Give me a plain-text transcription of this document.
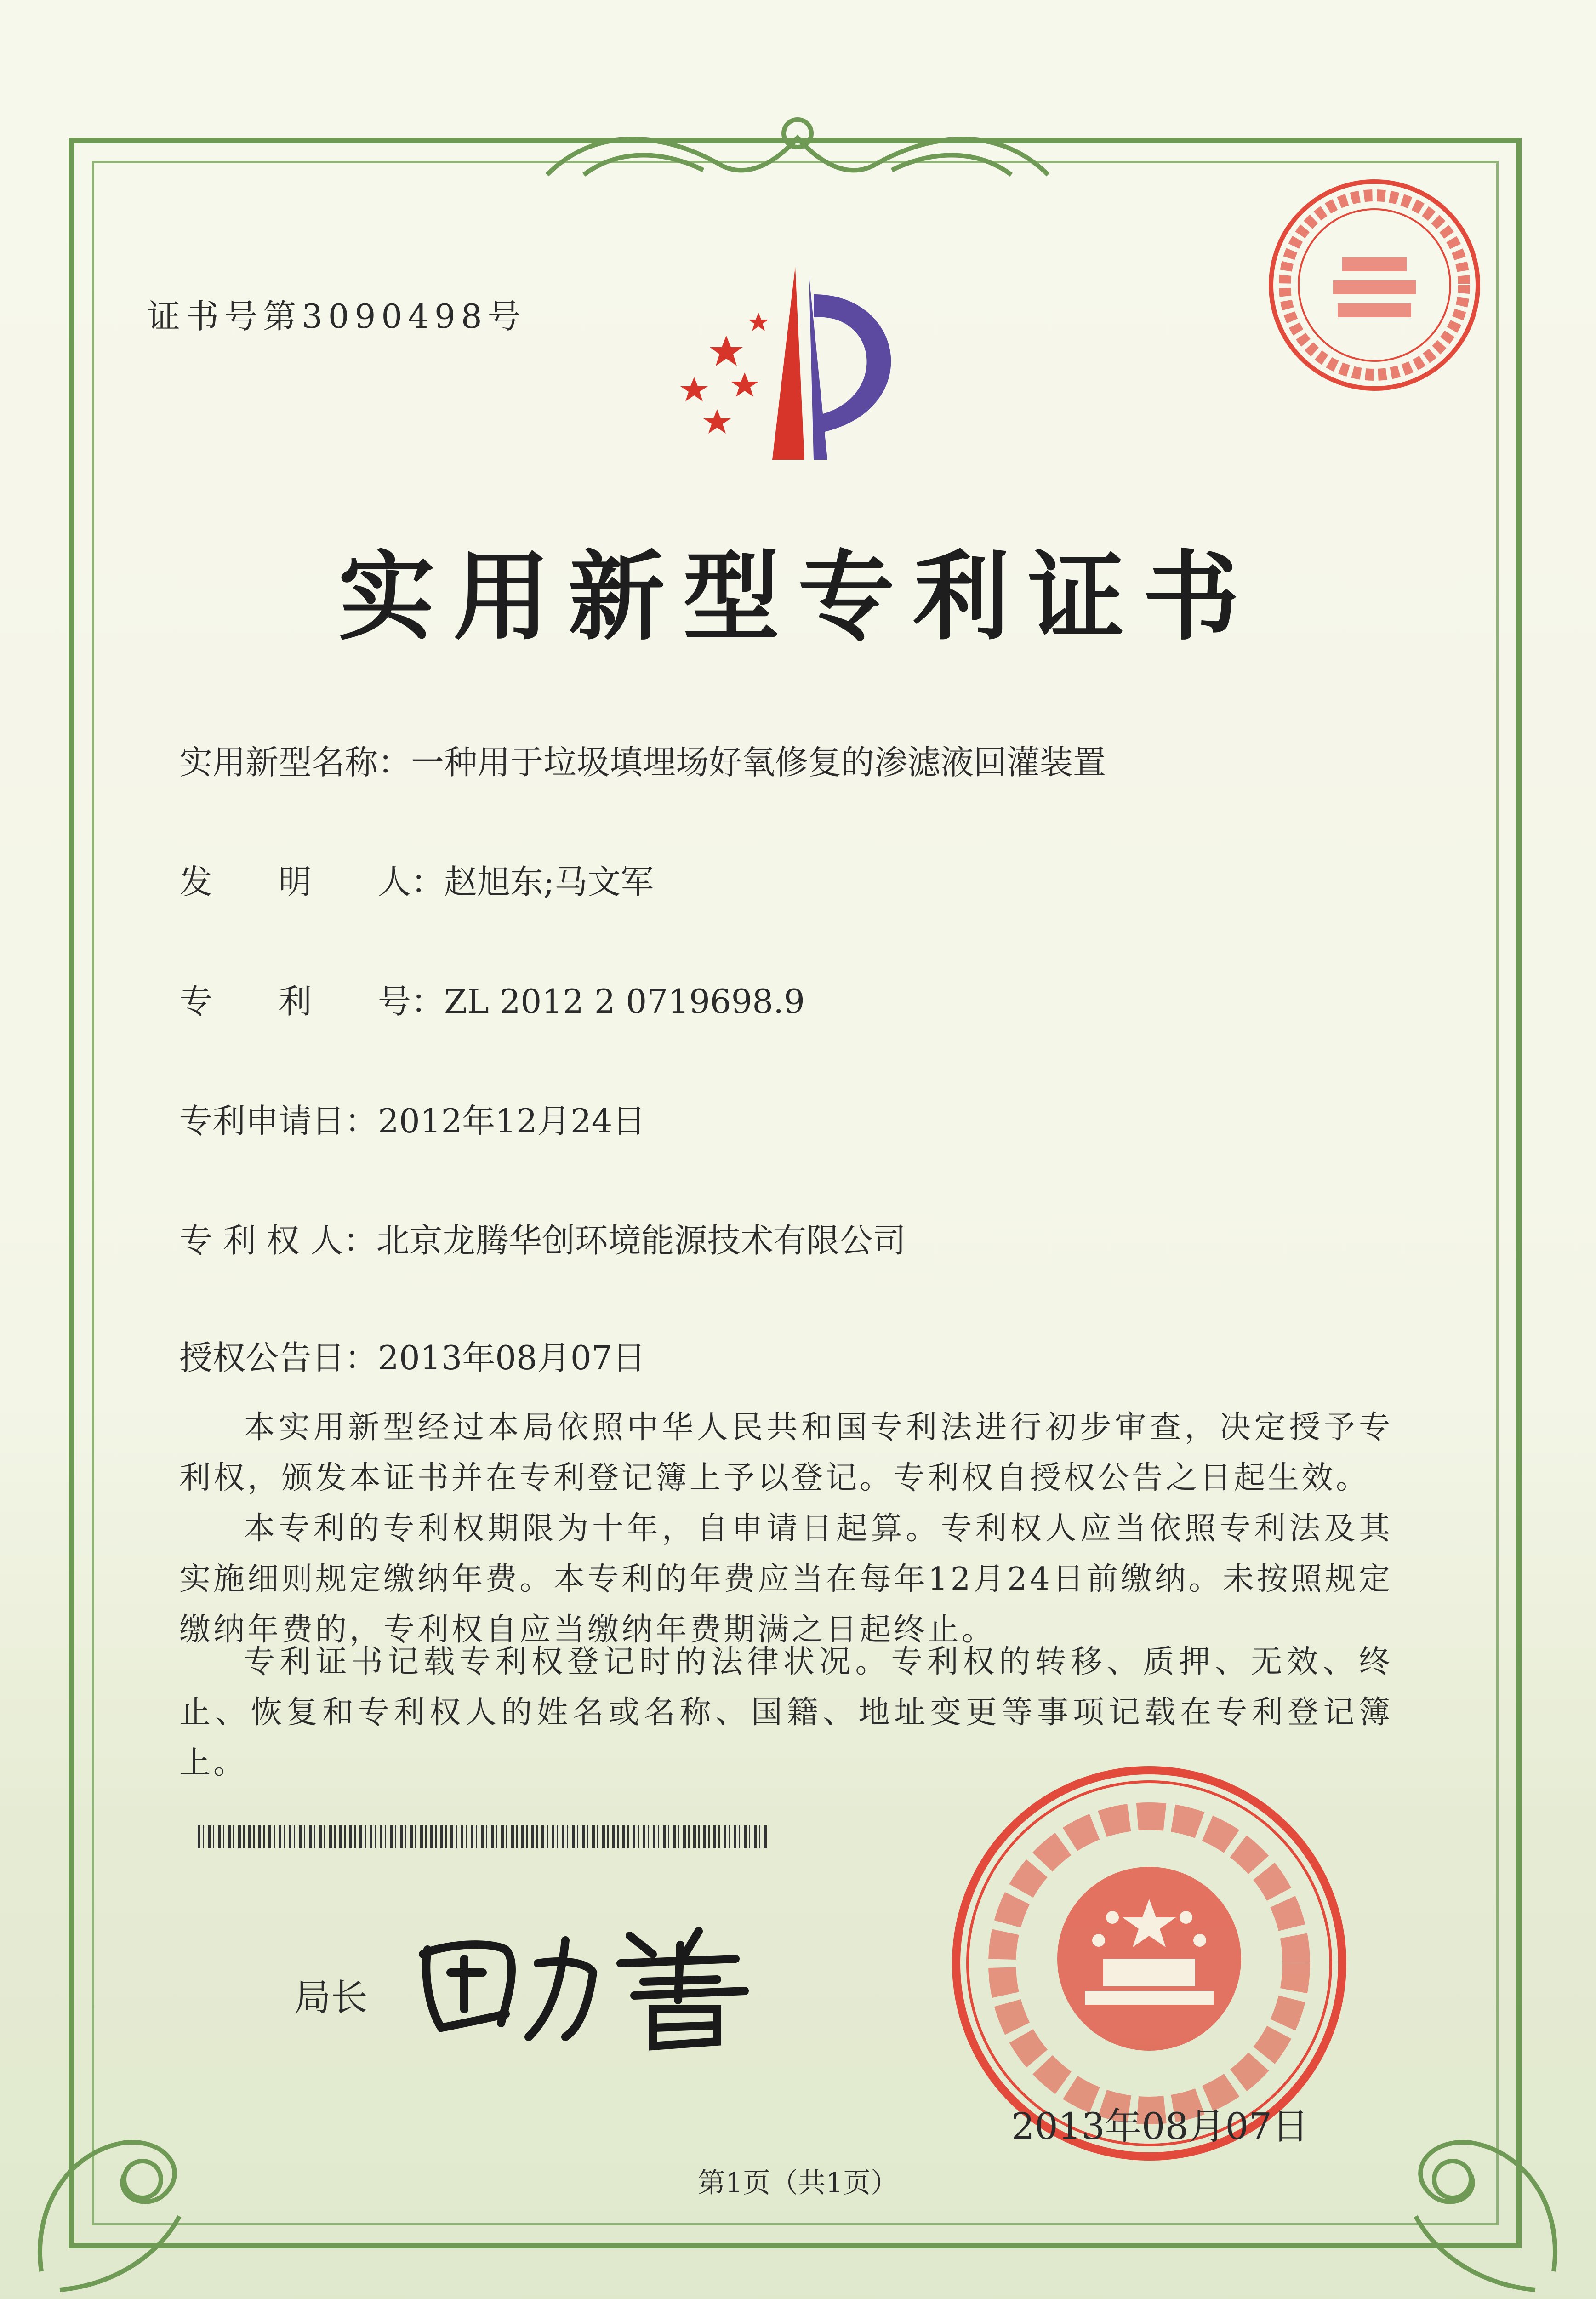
证书号第3090498号
实用新型专利证书
实用新型名称：一种用于垃圾填埋场好氧修复的渗滤液回灌装置
发　　明　　人：赵旭东;马文军
专　　利　　号：ZL 2012 2 0719698.9
专利申请日：2012年12月24日
专 利 权 人：北京龙腾华创环境能源技术有限公司
授权公告日：2013年08月07日
本实用新型经过本局依照中华人民共和国专利法进行初步审查，决定授予专利权，颁发本证书并在专利登记簿上予以登记。专利权自授权公告之日起生效。
本专利的专利权期限为十年，自申请日起算。专利权人应当依照专利法及其实施细则规定缴纳年费。本专利的年费应当在每年12月24日前缴纳。未按照规定缴纳年费的，专利权自应当缴纳年费期满之日起终止。
专利证书记载专利权登记时的法律状况。专利权的转移、质押、无效、终止、恢复和专利权人的姓名或名称、国籍、地址变更等事项记载在专利登记簿上。
局长
2013年08月07日
第1页（共1页）
